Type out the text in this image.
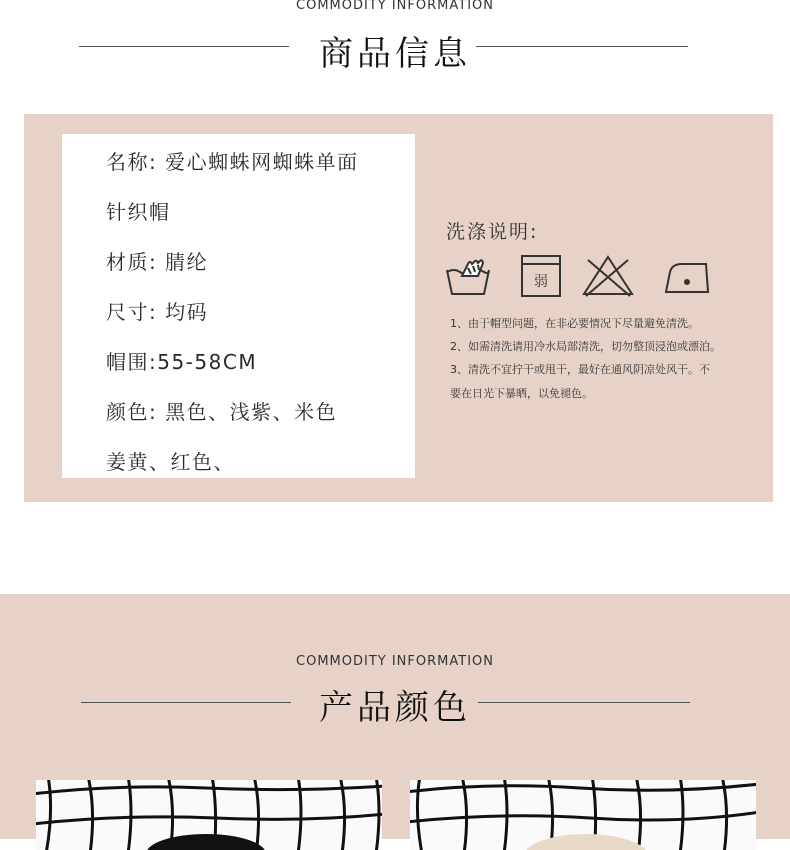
COMMODITY INFORMATION
商品信息
名称: 爱心蜘蛛网蜘蛛单面
针织帽
材质: 腈纶
尺寸: 均码
帽围:55-58CM
颜色: 黑色、浅紫、米色
姜黄、红色、
洗涤说明:
弱
1、由于帽型问题，在非必要情况下尽量避免清洗。
2、如需清洗请用冷水局部清洗，切勿整顶浸泡或漂泊。
3、清洗不宜拧干或甩干，最好在通风阴凉处风干。不
要在日光下暴晒，以免褪色。
COMMODITY INFORMATION
产品颜色
